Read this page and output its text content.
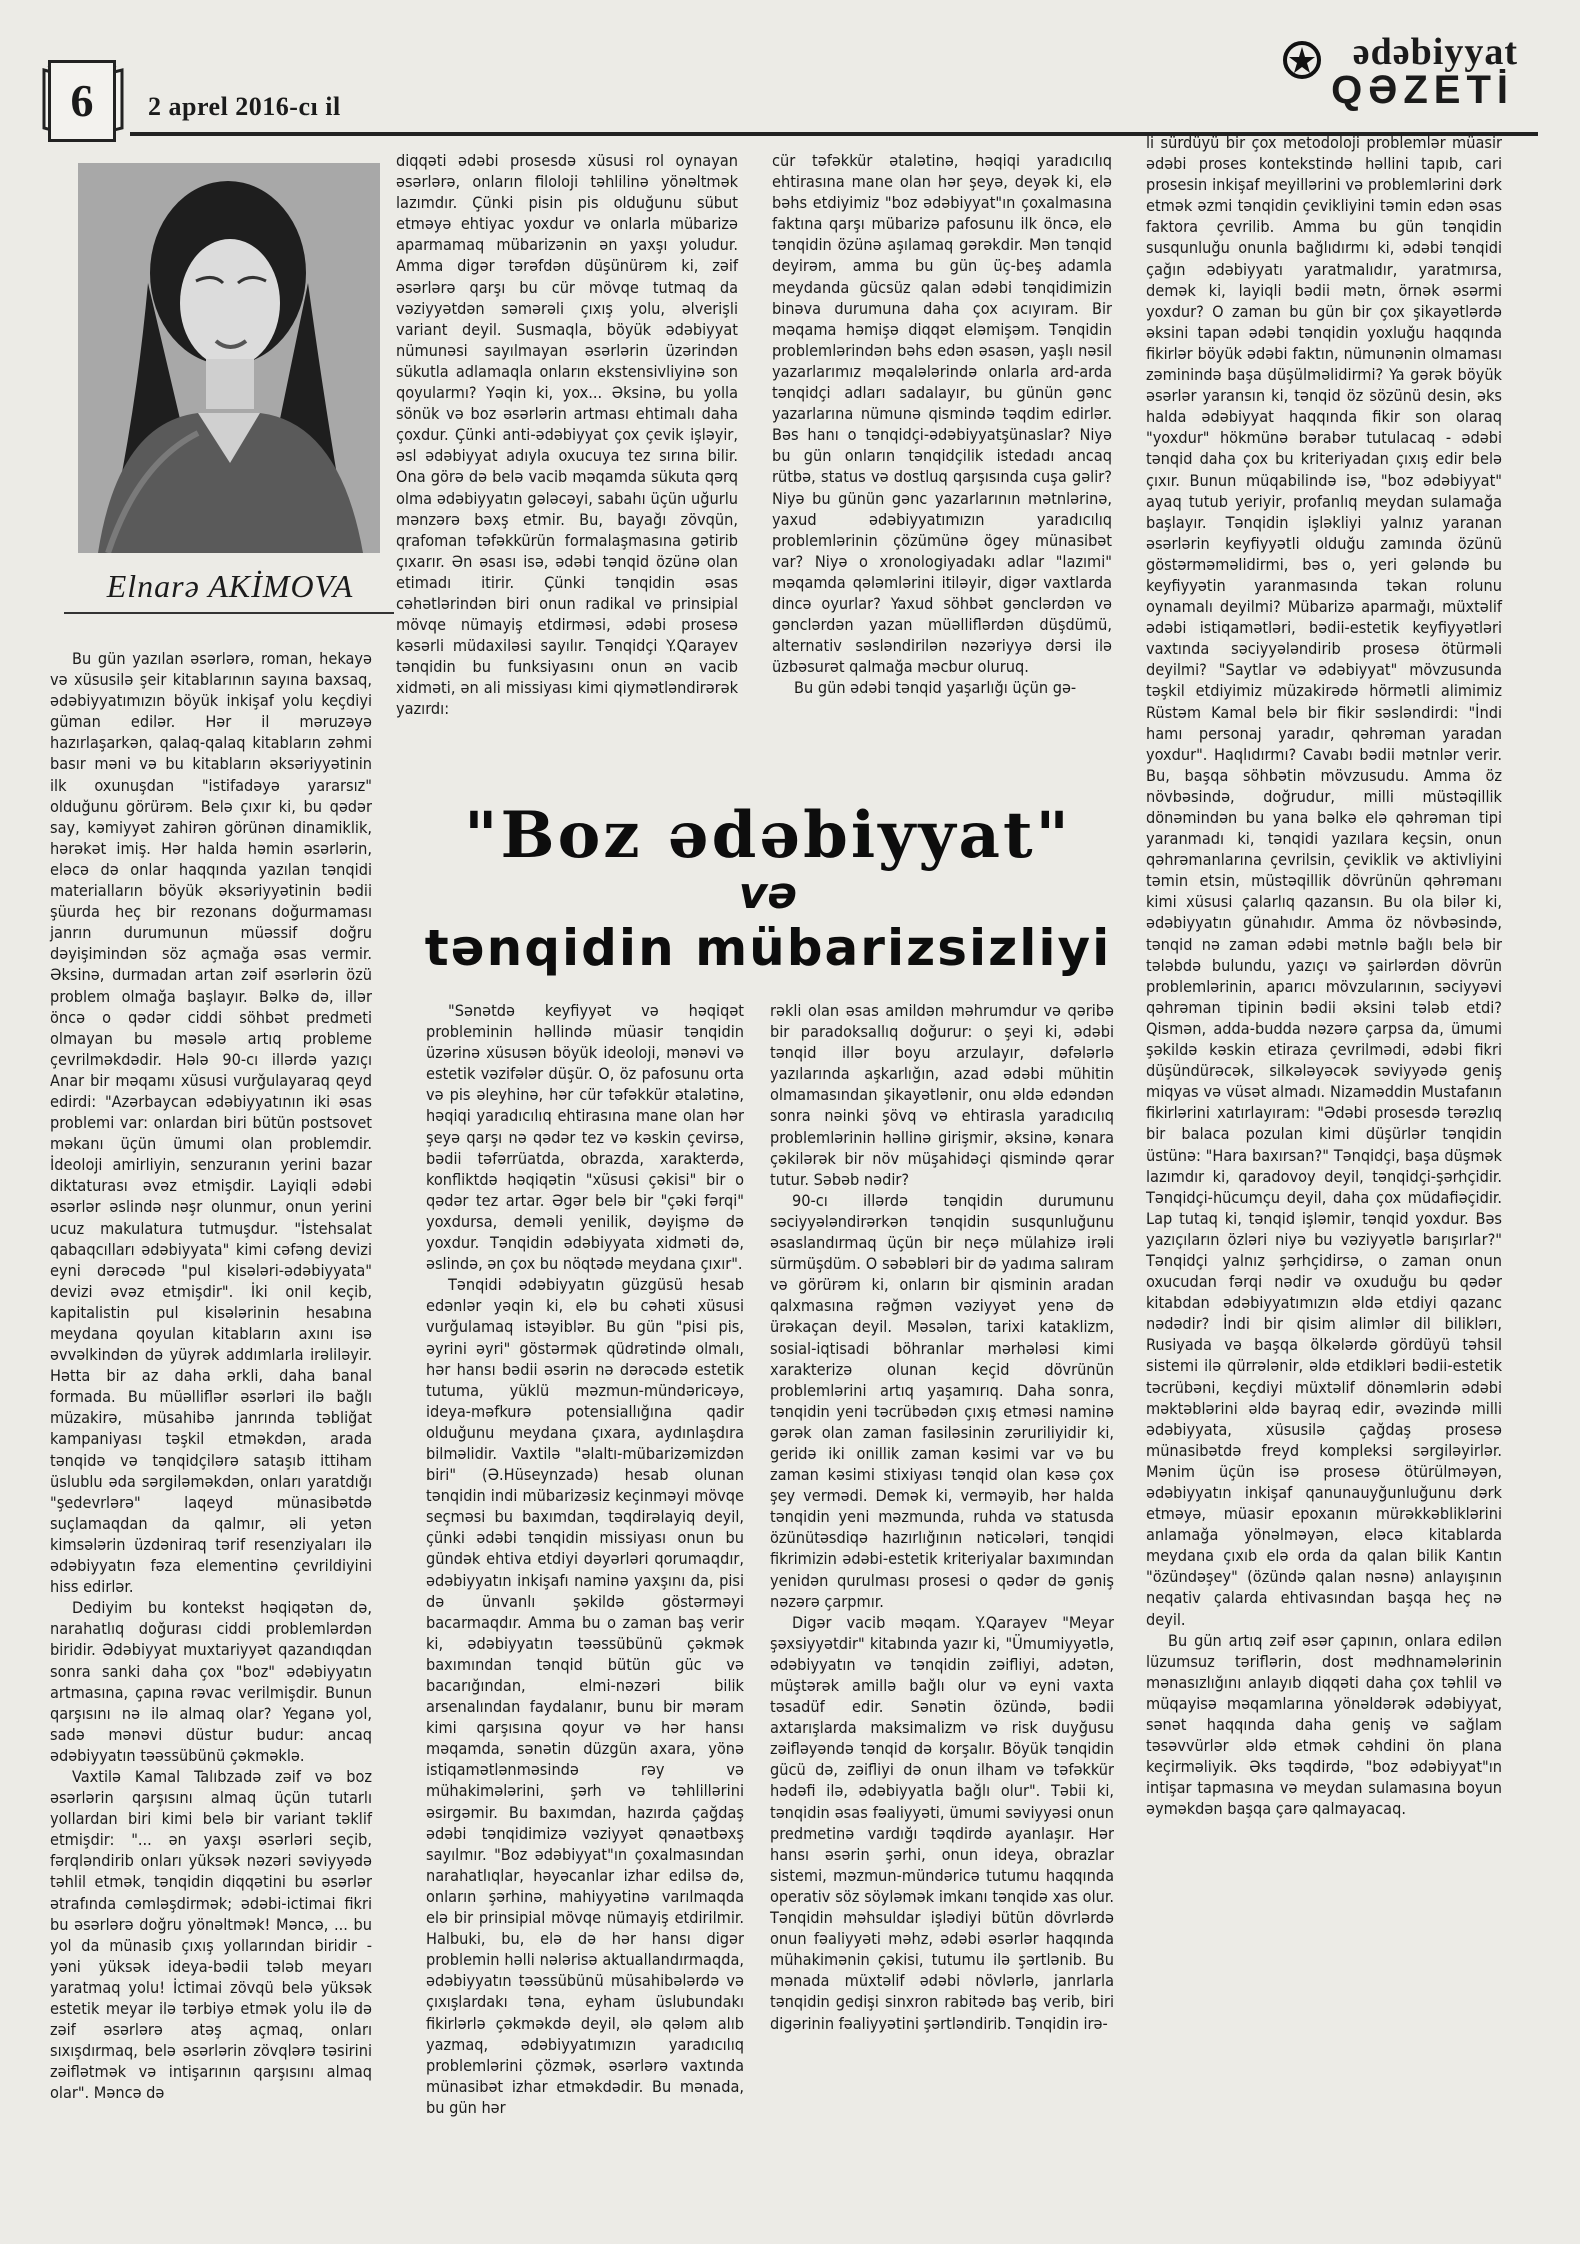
6	2 aprel 2016-cı il
ədəbiyyat
QƏZETİ
Elnarə AKİMOVA

Bu gün yazılan əsərlərə, roman, hekayə və xüsusilə şeir kitablarının sayına baxsaq, ədəbiyyatımızın böyük inkişaf yolu keçdiyi güman edilər. Hər il məruzəyə hazırlaşarkən, qalaq-qalaq kitabların zəhmi basır məni və bu kitabların əksəriyyətinin ilk oxunuşdan "istifadəyə yararsız" olduğunu görürəm. Belə çıxır ki, bu qədər say, kəmiyyət zahirən görünən dinamiklik, hərəkət imiş. Hər halda həmin əsərlərin, eləcə də onlar haqqında yazılan tənqidi materialların böyük əksəriyyətinin bədii şüurda heç bir rezonans doğurmaması janrın durumunun müəssif doğru dəyişimindən söz açmağa əsas vermir. Əksinə, durmadan artan zəif əsərlərin özü problem olmağa başlayır. Bəlkə də, illər öncə o qədər ciddi söhbət predmeti olmayan bu məsələ artıq probleme çevrilməkdədir. Hələ 90-cı illərdə yazıçı Anar bir məqamı xüsusi vurğulayaraq qeyd edirdi: "Azərbaycan ədəbiyyatının iki əsas problemi var: onlardan biri bütün postsovet məkanı üçün ümumi olan problemdir. İdeoloji amirliyin, senzuranın yerini bazar diktaturası əvəz etmişdir. Layiqli ədəbi əsərlər əslində nəşr olunmur, onun yerini ucuz makulatura tutmuşdur. "İstehsalat qabaqcılları ədəbiyyata" kimi cəfəng devizi eyni dərəcədə "pul kisələri-ədəbiyyata" devizi əvəz etmişdir". İki onil keçib, kapitalistin pul kisələrinin hesabına meydana qoyulan kitabların axını isə əvvəlkindən də yüyrək addımlarla irəliləyir. Hətta bir az daha ərkli, daha banal formada. Bu müəlliflər əsərləri ilə bağlı müzakirə, müsahibə janrında təbliğat kampaniyası təşkil etməkdən, arada tənqidə və tənqidçilərə sataşıb ittiham üslublu əda sərgiləməkdən, onları yaratdığı "şedevrlərə" laqeyd münasibətdə suçlamaqdan da qalmır, əli yetən kimsələrin üzdəniraq tərif resenziyaları ilə ədəbiyyatın fəza elementinə çevrildiyini hiss edirlər.

Dediyim bu kontekst həqiqətən də, narahatlıq doğurası ciddi problemlərdən biridir. Ədəbiyyat muxtariyyət qazandıqdan sonra sanki daha çox "boz" ədəbiyyatın artmasına, çapına rəvac verilmişdir. Bunun qarşısını nə ilə almaq olar? Yeganə yol, sadə mənəvi düstur budur: ancaq ədəbiyyatın təəssübünü çəkməklə.

Vaxtilə Kamal Talıbzadə zəif və boz əsərlərin qarşısını almaq üçün tutarlı yollardan biri kimi belə bir variant təklif etmişdir: "... ən yaxşı əsərləri seçib, fərqləndirib onları yüksək nəzəri səviyyədə təhlil etmək, tənqidin diqqətini bu əsərlər ətrafında cəmləşdirmək; ədəbi-ictimai fikri bu əsərlərə doğru yönəltmək! Məncə, ... bu yol da münasib çıxış yollarından biridir - yəni yüksək ideya-bədii tələb meyarı yaratmaq yolu! İctimai zövqü belə yüksək estetik meyar ilə tərbiyə etmək yolu ilə də zəif əsərlərə atəş açmaq, onları sıxışdırmaq, belə əsərlərin zövqlərə təsirini zəiflətmək və intişarının qarşısını almaq olar". Məncə də

diqqəti ədəbi prosesdə xüsusi rol oynayan əsərlərə, onların filoloji təhlilinə yönəltmək lazımdır. Çünki pisin pis olduğunu sübut etməyə ehtiyac yoxdur və onlarla mübarizə aparmamaq mübarizənin ən yaxşı yoludur. Amma digər tərəfdən düşünürəm ki, zəif əsərlərə qarşı bu cür mövqe tutmaq da vəziyyətdən səmərəli çıxış yolu, əlverişli variant deyil. Susmaqla, böyük ədəbiyyat nümunəsi sayılmayan əsərlərin üzərindən sükutla adlamaqla onların ekstensivliyinə son qoyularmı? Yəqin ki, yox... Əksinə, bu yolla sönük və boz əsərlərin artması ehtimalı daha çoxdur. Çünki anti-ədəbiyyat çox çevik işləyir, əsl ədəbiyyat adıyla oxucuya tez sırına bilir. Ona görə də belə vacib məqamda sükuta qərq olma ədəbiyyatın gələcəyi, sabahı üçün uğurlu mənzərə bəxş etmir. Bu, bayağı zövqün, qrafoman təfəkkürün formalaşmasına gətirib çıxarır. Ən əsası isə, ədəbi tənqid özünə olan etimadı itirir. Çünki tənqidin əsas cəhətlərindən biri onun radikal və prinsipial mövqe nümayiş etdirməsi, ədəbi prosesə kəsərli müdaxiləsi sayılır. Tənqidçi Y.Qarayev tənqidin bu funksiyasını onun ən vacib xidməti, ən ali missiyası kimi qiymətləndirərək yazırdı:

cür təfəkkür ətalətinə, həqiqi yaradıcılıq ehtirasına mane olan hər şeyə, deyək ki, elə bəhs etdiyimiz "boz ədəbiyyat"ın çoxalmasına faktına qarşı mübarizə pafosunu ilk öncə, elə tənqidin özünə aşılamaq gərəkdir. Mən tənqid deyirəm, amma bu gün üç-beş adamla meydanda gücsüz qalan ədəbi tənqidimizin binəva durumuna daha çox acıyıram. Bir məqama həmişə diqqət eləmişəm. Tənqidin problemlərindən bəhs edən əsasən, yaşlı nəsil yazarlarımız məqalələrində onlarla ard-arda tənqidçi adları sadalayır, bu günün gənc yazarlarına nümunə qismində təqdim edirlər. Bəs hanı o tənqidçi-ədəbiyyatşünaslar? Niyə bu gün onların tənqidçilik istedadı ancaq rütbə, status və dostluq qarşısında cuşa gəlir? Niyə bu günün gənc yazarlarının mətnlərinə, yaxud ədəbiyyatımızın yaradıcılıq problemlərinin çözümünə ögey münasibət var? Niyə o xronologiyadakı adlar "lazımi" məqamda qələmlərini itiləyir, digər vaxtlarda dincə oyurlar? Yaxud söhbət gənclərdən və gənclərdən yazan müəlliflərdən düşdümü, alternativ səsləndirilən nəzəriyyə dərsi ilə üzbəsurət qalmağa məcbur oluruq.

Bu gün ədəbi tənqid yaşarlığı üçün gə-

"Boz ədəbiyyat"
və
tənqidin mübarizsizliyi

"Sənətdə keyfiyyət və həqiqət probleminin həllində müasir tənqidin üzərinə xüsusən böyük ideoloji, mənəvi və estetik vəzifələr düşür. O, öz pafosunu orta və pis əleyhinə, hər cür təfəkkür ətalətinə, həqiqi yaradıcılıq ehtirasına mane olan hər şeyə qarşı nə qədər tez və kəskin çevirsə, bədii təfərrüatda, obrazda, xarakterdə, konfliktdə həqiqətin "xüsusi çəkisi" bir o qədər tez artar. Əgər belə bir "çəki fərqi" yoxdursa, deməli yenilik, dəyişmə də yoxdur. Tənqidin ədəbiyyata xidməti də, əslində, ən çox bu nöqtədə meydana çıxır".

Tənqidi ədəbiyyatın güzgüsü hesab edənlər yəqin ki, elə bu cəhəti xüsusi vurğulamaq istəyiblər. Bu gün "pisi pis, əyrini əyri" göstərmək qüdrətində olmalı, hər hansı bədii əsərin nə dərəcədə estetik tutuma, yüklü məzmun-mündəricəyə, ideya-məfkurə potensiallığına qadir olduğunu meydana çıxara, aydınlaşdıra bilməlidir. Vaxtilə "əlaltı-mübarizəmizdən biri" (Ə.Hüseynzadə) hesab olunan tənqidin indi mübarizəsiz keçinməyi mövqe seçməsi bu baxımdan, təqdirəlayiq deyil, çünki ədəbi tənqidin missiyası onun bu gündək ehtiva etdiyi dəyərləri qorumaqdır, ədəbiyyatın inkişafı naminə yaxşını da, pisi də ünvanlı şəkildə göstərməyi bacarmaqdır. Amma bu o zaman baş verir ki, ədəbiyyatın təəssübünü çəkmək baxımından tənqid bütün güc və bacarığından, elmi-nəzəri bilik arsenalından faydalanır, bunu bir məram kimi qarşısına qoyur və hər hansı məqamda, sənətin düzgün axara, yönə istiqamətlənməsində rəy və mühakimələrini, şərh və təhlillərini əsirgəmir. Bu baxımdan, hazırda çağdaş ədəbi tənqidimizə vəziyyət qənaətbəxş sayılmır. "Boz ədəbiyyat"ın çoxalmasından narahatlıqlar, həyəcanlar izhar edilsə də, onların şərhinə, mahiyyətinə varılmaqda elə bir prinsipial mövqe nümayiş etdirilmir. Halbuki, bu, elə də hər hansı digər problemin həlli nələrisə aktuallandırmaqda, ədəbiyyatın təəssübünü müsahibələrdə və çıxışlardakı təna, eyham üslubundakı fikirlərlə çəkməkdə deyil, ələ qələm alıb yazmaq, ədəbiyyatımızın yaradıcılıq problemlərini çözmək, əsərlərə vaxtında münasibət izhar etməkdədir. Bu mənada, bu gün hər

rəkli olan əsas amildən məhrumdur və qəribə bir paradoksallıq doğurur: o şeyi ki, ədəbi tənqid illər boyu arzulayır, dəfələrlə yazılarında aşkarlığın, azad ədəbi mühitin olmamasından şikayətlənir, onu əldə edəndən sonra nəinki şövq və ehtirasla yaradıcılıq problemlərinin həllinə girişmir, əksinə, kənara çəkilərək bir növ müşahidəçi qismində qərar tutur. Səbəb nədir?

90-cı illərdə tənqidin durumunu səciyyələndirərkən tənqidin susqunluğunu əsaslandırmaq üçün bir neçə mülahizə irəli sürmüşdüm. O səbəbləri bir də yadıma salıram və görürəm ki, onların bir qisminin aradan qalxmasına rəğmən vəziyyət yenə də ürəkaçan deyil. Məsələn, tarixi kataklizm, sosial-iqtisadi böhranlar mərhələsi kimi xarakterizə olunan keçid dövrünün problemlərini artıq yaşamırıq. Daha sonra, tənqidin yeni təcrübədən çıxış etməsi naminə gərək olan zaman fasiləsinin zəruriliyidir ki, geridə iki onillik zaman kəsimi var və bu zaman kəsimi stixiyası tənqid olan kəsə çox şey vermədi. Demək ki, verməyib, hər halda tənqidin yeni məzmunda, ruhda və statusda özünütəsdiqə hazırlığının nəticələri, tənqidi fikrimizin ədəbi-estetik kriteriyalar baxımından yenidən qurulması prosesi o qədər də gəniş nəzərə çarpmır.

Digər vacib məqam. Y.Qarayev "Meyar şəxsiyyətdir" kitabında yazır ki, "Ümumiyyətlə, ədəbiyyatın və tənqidin zəifliyi, adətən, müştərək amillə bağlı olur və eyni vaxta təsadüf edir. Sənətin özündə, bədii axtarışlarda maksimalizm və risk duyğusu zəifləyəndə tənqid də korşalır. Böyük tənqidin gücü də, zəifliyi də onun ilham və təfəkkür hədəfi ilə, ədəbiyyatla bağlı olur". Təbii ki, tənqidin əsas fəaliyyəti, ümumi səviyyəsi onun predmetinə vardığı təqdirdə ayanlaşır. Hər hansı əsərin şərhi, onun ideya, obrazlar sistemi, məzmun-mündəricə tutumu haqqında operativ söz söyləmək imkanı tənqidə xas olur. Tənqidin məhsuldar işlədiyi bütün dövrlərdə onun fəaliyyəti məhz, ədəbi əsərlər haqqında mühakimənin çəkisi, tutumu ilə şərtlənib. Bu mənada müxtəlif ədəbi növlərlə, janrlarla tənqidin gedişi sinxron rabitədə baş verib, biri digərinin fəaliyyətini şərtləndirib. Tənqidin irə-

li sürdüyü bir çox metodoloji problemlər müasir ədəbi proses kontekstində həllini tapıb, cari prosesin inkişaf meyillərini və problemlərini dərk etmək əzmi tənqidin çevikliyini təmin edən əsas faktora çevrilib. Amma bu gün tənqidin susqunluğu onunla bağlıdırmı ki, ədəbi tənqidi çağın ədəbiyyatı yaratmalıdır, yaratmırsa, demək ki, layiqli bədii mətn, örnək əsərmi yoxdur? O zaman bu gün bir çox şikayətlərdə əksini tapan ədəbi tənqidin yoxluğu haqqında fikirlər böyük ədəbi faktın, nümunənin olmaması zəminində başa düşülməlidirmi? Ya gərək böyük əsərlər yaransın ki, tənqid öz sözünü desin, əks halda ədəbiyyat haqqında fikir son olaraq "yoxdur" hökmünə bərabər tutulacaq - ədəbi tənqid daha çox bu kriteriyadan çıxış edir belə çıxır. Bunun müqabilində isə, "boz ədəbiyyat" ayaq tutub yeriyir, profanlıq meydan sulamağa başlayır. Tənqidin işləkliyi yalnız yaranan əsərlərin keyfiyyətli olduğu zamında özünü göstərməməlidirmi, bəs o, yeri gələndə bu keyfiyyətin yaranmasında təkan rolunu oynamalı deyilmi? Mübarizə aparmağı, müxtəlif ədəbi istiqamətləri, bədii-estetik keyfiyyətləri vaxtında səciyyələndirib prosesə ötürməli deyilmi? "Saytlar və ədəbiyyat" mövzusunda təşkil etdiyimiz müzakirədə hörmətli alimimiz Rüstəm Kamal belə bir fikir səsləndirdi: "İndi hamı personaj yaradır, qəhrəman yaradan yoxdur". Haqlıdırmı? Cavabı bədii mətnlər verir. Bu, başqa söhbətin mövzusudu. Amma öz növbəsində, doğrudur, milli müstəqillik dönəmindən bu yana bəlkə elə qəhrəman tipi yaranmadı ki, tənqidi yazılara keçsin, onun qəhrəmanlarına çevrilsin, çeviklik və aktivliyini təmin etsin, müstəqillik dövrünün qəhrəmanı kimi xüsusi çalarlıq qazansın. Bu ola bilər ki, ədəbiyyatın günahıdır. Amma öz növbəsində, tənqid nə zaman ədəbi mətnlə bağlı belə bir tələbdə bulundu, yazıçı və şairlərdən dövrün problemlərinin, aparıcı mövzularının, səciyyəvi qəhrəman tipinin bədii əksini tələb etdi? Qismən, adda-budda nəzərə çarpsa da, ümumi şəkildə kəskin etiraza çevrilmədi, ədəbi fikri düşündürəcək, silkələyəcək səviyyədə geniş miqyas və vüsət almadı. Nizaməddin Mustafanın fikirlərini xatırlayıram: "Ədəbi prosesdə tərəzlıq bir balaca pozulan kimi düşürlər tənqidin üstünə: "Hara baxırsan?" Tənqidçi, başa düşmək lazımdır ki, qaradovoy deyil, tənqidçi-şərhçidir. Tənqidçi-hücumçu deyil, daha çox müdafiəçidir. Lap tutaq ki, tənqid işləmir, tənqid yoxdur. Bəs yazıçıların özləri niyə bu vəziyyətlə barışırlar?" Tənqidçi yalnız şərhçidirsə, o zaman onun oxucudan fərqi nədir və oxuduğu bu qədər kitabdan ədəbiyyatımızın əldə etdiyi qazanc nədədir? İndi bir qisim alimlər dil biliklərı, Rusiyada və başqa ölkələrdə gördüyü təhsil sistemi ilə qürrələnir, əldə etdikləri bədii-estetik təcrübəni, keçdiyi müxtəlif dönəmlərin ədəbi məktəblərini əldə bayraq edir, əvəzində milli ədəbiyyata, xüsusilə çağdaş prosesə münasibətdə freyd kompleksi sərgiləyirlər. Mənim üçün isə prosesə ötürülməyən, ədəbiyyatın inkişaf qanunauyğunluğunu dərk etməyə, müasir epoxanın mürəkkəbliklərini anlamağa yönəlməyən, eləcə kitablarda meydana çıxıb elə orda da qalan bilik Kantın "özündəşey" (özündə qalan nəsnə) anlayışının neqativ çalarda ehtivasından başqa heç nə deyil.

Bu gün artıq zəif əsər çapının, onlara edilən lüzumsuz təriflərin, dost mədhnamələrinin mənasızlığını anlayıb diqqəti daha çox təhlil və müqayisə məqamlarına yönəldərək ədəbiyyat, sənət haqqında daha geniş və sağlam təsəvvürlər əldə etmək cəhdini ön plana keçirməliyik. Əks təqdirdə, "boz ədəbiyyat"ın intişar tapmasına və meydan sulamasına boyun əyməkdən başqa çarə qalmayacaq.
